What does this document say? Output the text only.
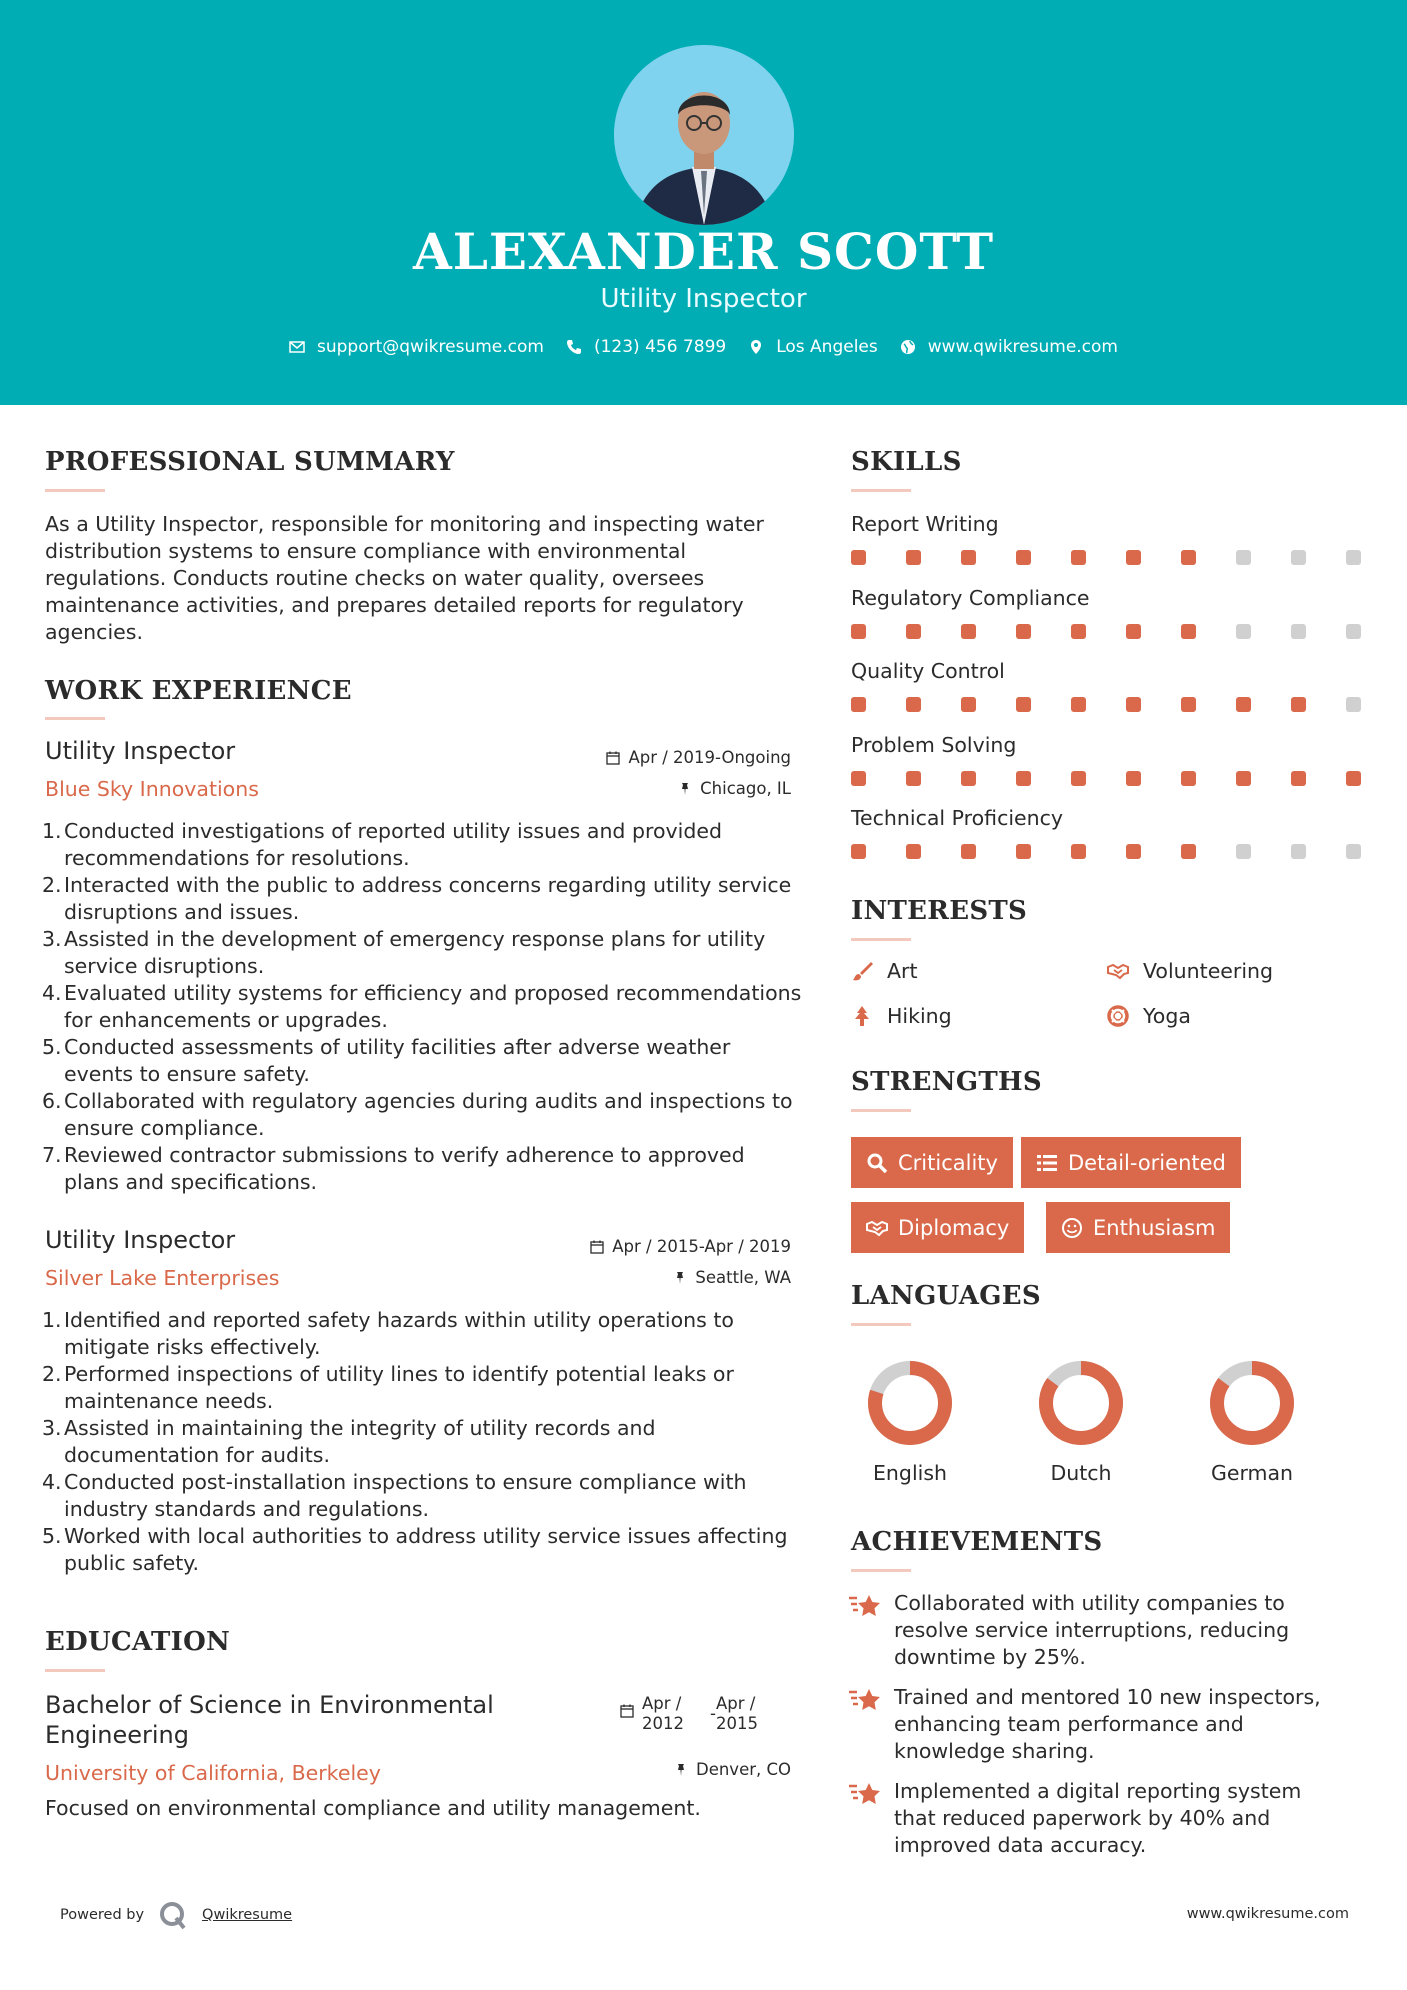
ALEXANDER SCOTT
Utility Inspector
support@qwikresume.com	(123) 456 7899	Los Angeles	www.qwikresume.com
PROFESSIONAL SUMMARY
As a Utility Inspector, responsible for monitoring and inspecting water distribution systems to ensure compliance with environmental regulations. Conducts routine checks on water quality, oversees maintenance activities, and prepares detailed reports for regulatory agencies.
WORK EXPERIENCE
Utility Inspector	Apr / 2019-Ongoing
Blue Sky Innovations	Chicago, IL
1. Conducted investigations of reported utility issues and provided recommendations for resolutions.
2. Interacted with the public to address concerns regarding utility service disruptions and issues.
3. Assisted in the development of emergency response plans for utility service disruptions.
4. Evaluated utility systems for efficiency and proposed recommendations for enhancements or upgrades.
5. Conducted assessments of utility facilities after adverse weather events to ensure safety.
6. Collaborated with regulatory agencies during audits and inspections to ensure compliance.
7. Reviewed contractor submissions to verify adherence to approved plans and specifications.
Utility Inspector	Apr / 2015-Apr / 2019
Silver Lake Enterprises	Seattle, WA
1. Identified and reported safety hazards within utility operations to mitigate risks effectively.
2. Performed inspections of utility lines to identify potential leaks or maintenance needs.
3. Assisted in maintaining the integrity of utility records and documentation for audits.
4. Conducted post-installation inspections to ensure compliance with industry standards and regulations.
5. Worked with local authorities to address utility service issues affecting public safety.
EDUCATION
Bachelor of Science in Environmental
Engineering
Apr /
2012
-
Apr /
2015
University of California, Berkeley	Denver, CO
Focused on environmental compliance and utility management.
SKILLS
Report Writing
Regulatory Compliance
Quality Control
Problem Solving
Technical Proficiency
INTERESTS
Art	Volunteering
Hiking	Yoga
STRENGTHS
Criticality	Detail-oriented
Diplomacy	Enthusiasm
LANGUAGES
English	Dutch	German
ACHIEVEMENTS
Collaborated with utility companies to resolve service interruptions, reducing downtime by 25%.
Trained and mentored 10 new inspectors, enhancing team performance and knowledge sharing.
Implemented a digital reporting system that reduced paperwork by 40% and improved data accuracy.
Powered by	Qwikresume	www.qwikresume.com
